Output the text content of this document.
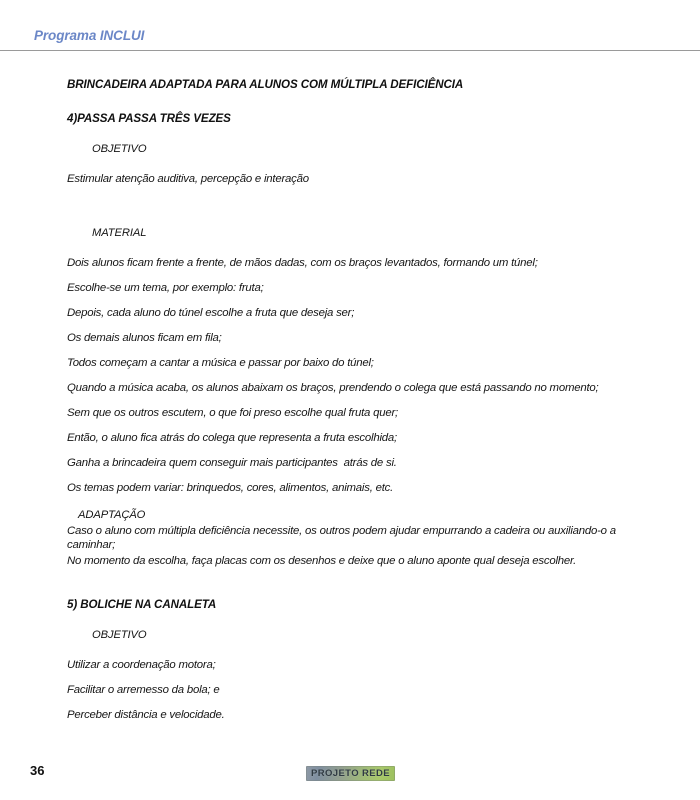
Programa INCLUI
BRINCADEIRA ADAPTADA PARA ALUNOS COM MÚLTIPLA DEFICIÊNCIA
4)PASSA PASSA TRÊS VEZES
OBJETIVO
Estimular atenção auditiva, percepção e interação
MATERIAL
Dois alunos ficam frente a frente, de mãos dadas, com os braços levantados, formando um túnel;
Escolhe-se um tema, por exemplo: fruta;
Depois, cada aluno do túnel escolhe a fruta que deseja ser;
Os demais alunos ficam em fila;
Todos começam a cantar a música e passar por baixo do túnel;
Quando a música acaba, os alunos abaixam os braços, prendendo o colega que está passando no momento;
Sem que os outros escutem, o que foi preso escolhe qual fruta quer;
Então, o aluno fica atrás do colega que representa a fruta escolhida;
Ganha a brincadeira quem conseguir mais participantes  atrás de si.
Os temas podem variar: brinquedos, cores, alimentos, animais, etc.
ADAPTAÇÃO
Caso o aluno com múltipla deficiência necessite, os outros podem ajudar empurrando a cadeira ou auxiliando-o a caminhar;
No momento da escolha, faça placas com os desenhos e deixe que o aluno aponte qual deseja escolher.
5) BOLICHE NA CANALETA
OBJETIVO
Utilizar a coordenação motora;
Facilitar o arremesso da bola; e
Perceber distância e velocidade.
36	PROJETO REDE
